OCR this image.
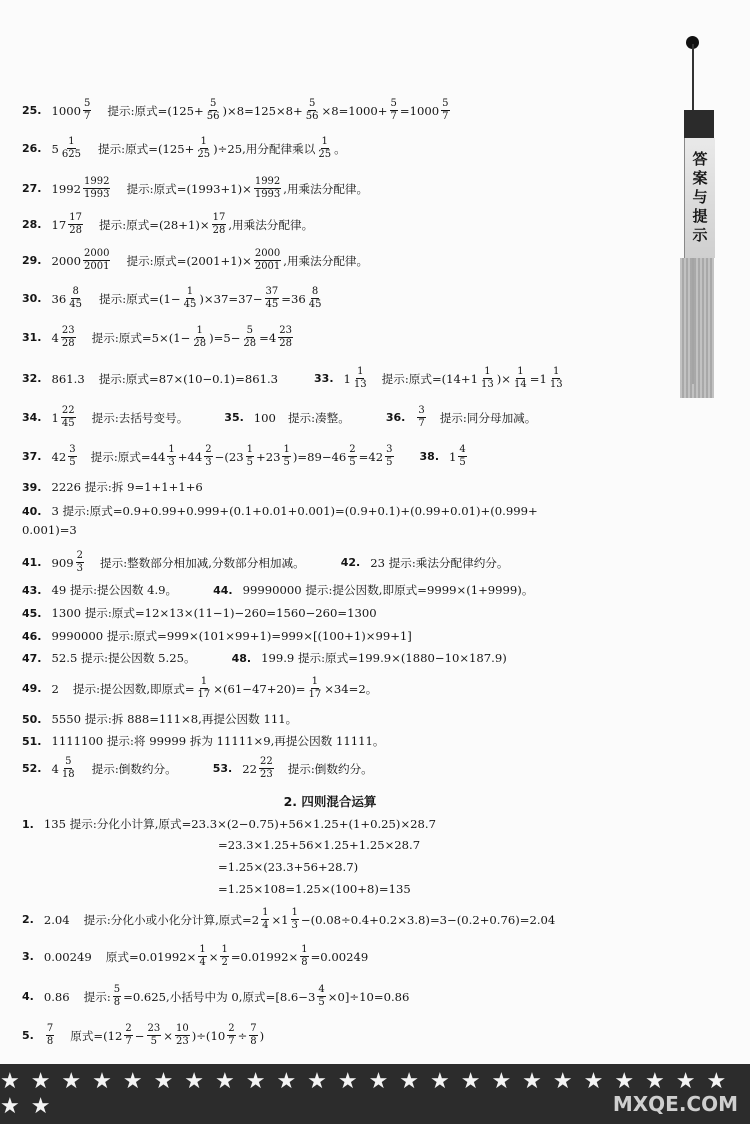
答案与提示
25. 1000 5
7 提示:原式= $(125+ \frac{5}{56} )\times 8=125\times 8+ \frac{5}{56} \times 8=1000+ \frac{5}{7} =1000$ 5
7
26. 5 1
625 提示:原式= $(125+ \frac{1}{25} )\div 25$,用分配律乘以 1
25 。
27. 1992 1992
1993 提示:原式$=(1993+1)\times \frac{1992}{1993}$ ,用乘法分配律。
28. 17 17
28 提示:原式$=(28+1)\times \frac{17}{28}$ ,用乘法分配律。
29. 2000 2000
2001 提示:原式$=(2001+1)\times \frac{2000}{2001}$ ,用乘法分配律。
30. 36 8
45 提示:原式= $(1- \frac{1}{45} )\times 37=37- \frac{37}{45} =36$ 8
45
31. 4 23
28 提示:原式$=5\times (1- \frac{1}{28} )=5- \frac{5}{28} =4$ 23
28
32. 861.3 提示:原式=87×(10−0.1)=861.3	33. 1 1
13 提示:原式= (14+1 1
13 )× $\frac{1}{14} =1$ 1
13
34. 1 22
45 提示:去括号变号。	35. 100 提示:凑整。	36.
3
7 提示:同分母加减。
37. 42 3
5 提示:原式=44 1
3 +44 2
3 −(23 1
5 +23 1
5 )$=89-46 \frac{2}{5} =42$ 3
5 38. 1 4
5
39. 2226 提示:拆 9=1+1+1+6
40. 3 提示:原式=0.9+0.99+0.999+(0.1+0.01+0.001)=(0.9+0.1)+(0.99+0.01)+(0.999+
0.001)=3
41. 909 2
3 提示:整数部分相加减,分数部分相加减。	42. 23 提示:乘法分配律约分。
43. 49 提示:提公因数 4.9。	44. 99990000 提示:提公因数,即原式=9999×(1+9999)。
45. 1300 提示:原式=12×13×(11−1)−260=1560−260=1300
46. 9990000 提示:原式=999×(101×99+1)=999×[(100+1)×99+1]
47. 52.5 提示:提公因数 5.25。	48. 199.9 提示:原式=199.9×(1880−10×187.9)
49. 2 提示:提公因数,即原式= $\frac{1}{17} \times(61-47+20)= \frac{1}{17} \times 34=2$。
50. 5550 提示:拆 888=111×8,再提公因数 111。
51. 1111100 提示:将 99999 拆为 11111×9,再提公因数 11111。
52. 4 5
18 提示:倒数约分。	53. 22 22
23 提示:倒数约分。
2. 四则混合运算
1. 135 提示:分化小计算,原式=23.3×(2−0.75)+56×1.25+(1+0.25)×28.7
=23.3×1.25+56×1.25+1.25×28.7
=1.25×(23.3+56+28.7)
=1.25×108=1.25×(100+8)=135
2. 2.04 提示:分化小或小化分计算,原式$=2 \frac{1}{4} \times 1$ 1
3 −(0.08÷0.4+0.2×3.8)=3−(0.2+0.76)=2.04
3. 0.00249 原式$=0.01992\times \frac{1}{4} \times \frac{1}{2} =0.01992\times \frac{1}{8} =0.00249$
4. 0.86 提示: $\frac{5}{8} =0.625$,小括号中为 0,原式$=[8.6-3 \frac{4}{5} \times 0]\div 10=0.86$
5.
7
8 原式=(12 2
$7 - \frac{23}{5} \times \frac{10}{23} )\div(10 \frac{2}{7} \div \frac{7}{8}$ )
★ ★ ★ ★ ★ ★ ★ ★ ★ ★ ★ ★ ★ ★ ★ ★ ★ ★ ★ ★ ★ ★ ★ ★ ★ ★	MXQE.COM
